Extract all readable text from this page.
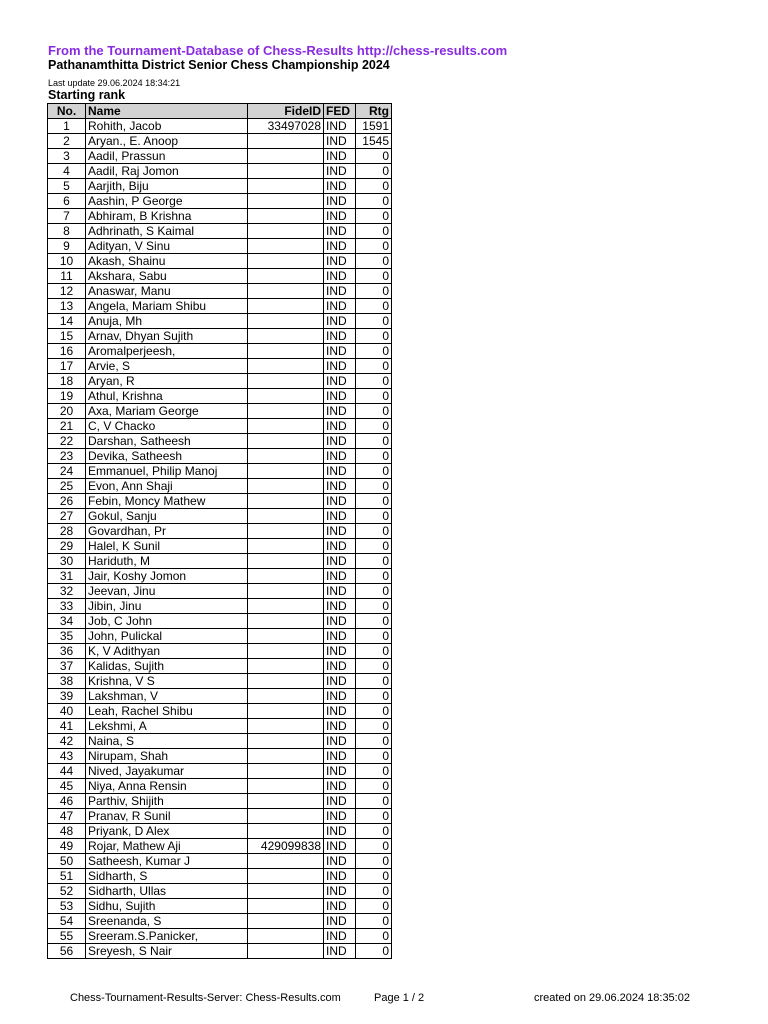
From the Tournament-Database of Chess-Results http://chess-results.com
Pathanamthitta District Senior Chess Championship 2024
Last update 29.06.2024 18:34:21
Starting rank
No.	Name	FideID	FED	Rtg
1	Rohith, Jacob	33497028	IND	1591
2	Aryan., E. Anoop		IND	1545
3	Aadil, Prassun		IND	0
4	Aadil, Raj Jomon		IND	0
5	Aarjith, Biju		IND	0
6	Aashin, P George		IND	0
7	Abhiram, B Krishna		IND	0
8	Adhrinath, S Kaimal		IND	0
9	Adityan, V Sinu		IND	0
10	Akash, Shainu		IND	0
11	Akshara, Sabu		IND	0
12	Anaswar, Manu		IND	0
13	Angela, Mariam Shibu		IND	0
14	Anuja, Mh		IND	0
15	Arnav, Dhyan Sujith		IND	0
16	Aromalperjeesh,		IND	0
17	Arvie, S		IND	0
18	Aryan, R		IND	0
19	Athul, Krishna		IND	0
20	Axa, Mariam George		IND	0
21	C, V Chacko		IND	0
22	Darshan, Satheesh		IND	0
23	Devika, Satheesh		IND	0
24	Emmanuel, Philip Manoj		IND	0
25	Evon, Ann Shaji		IND	0
26	Febin, Moncy Mathew		IND	0
27	Gokul, Sanju		IND	0
28	Govardhan, Pr		IND	0
29	Halel, K Sunil		IND	0
30	Hariduth, M		IND	0
31	Jair, Koshy Jomon		IND	0
32	Jeevan, Jinu		IND	0
33	Jibin, Jinu		IND	0
34	Job, C John		IND	0
35	John, Pulickal		IND	0
36	K, V Adithyan		IND	0
37	Kalidas, Sujith		IND	0
38	Krishna, V S		IND	0
39	Lakshman, V		IND	0
40	Leah, Rachel Shibu		IND	0
41	Lekshmi, A		IND	0
42	Naina, S		IND	0
43	Nirupam, Shah		IND	0
44	Nived, Jayakumar		IND	0
45	Niya, Anna Rensin		IND	0
46	Parthiv, Shijith		IND	0
47	Pranav, R Sunil		IND	0
48	Priyank, D Alex		IND	0
49	Rojar, Mathew Aji	429099838	IND	0
50	Satheesh, Kumar J		IND	0
51	Sidharth, S		IND	0
52	Sidharth, Ullas		IND	0
53	Sidhu, Sujith		IND	0
54	Sreenanda, S		IND	0
55	Sreeram.S.Panicker,		IND	0
56	Sreyesh, S Nair		IND	0
Chess-Tournament-Results-Server: Chess-Results.com	Page 1 / 2	created on 29.06.2024 18:35:02
